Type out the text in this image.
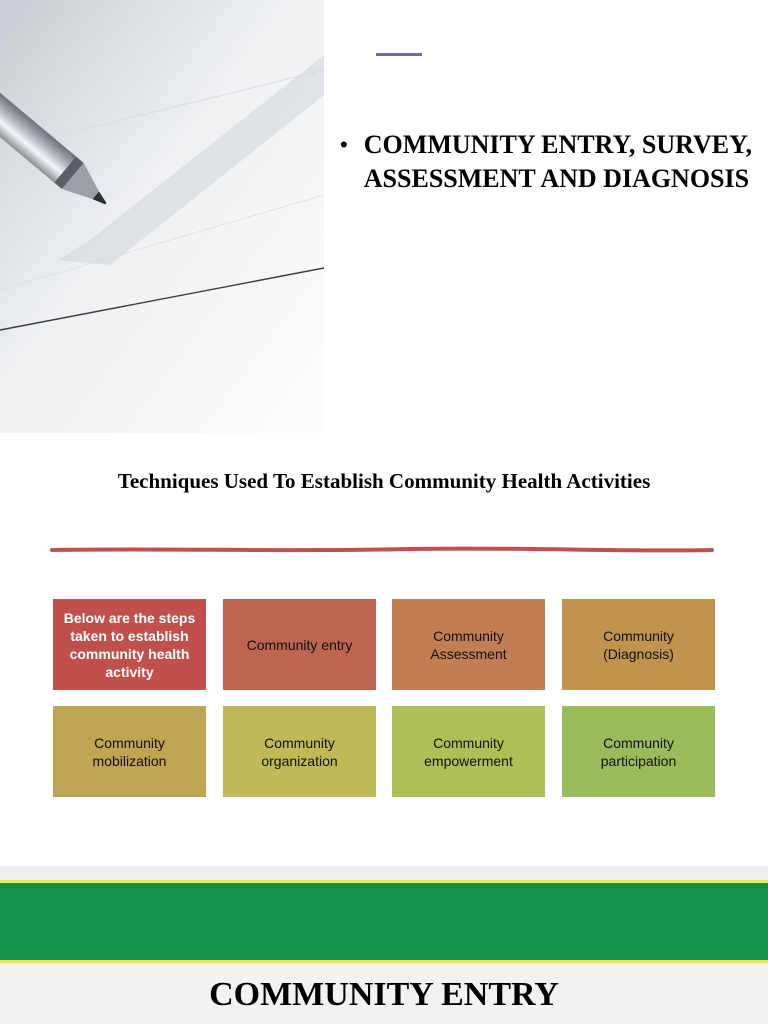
• COMMUNITY ENTRY, SURVEY, ASSESSMENT AND DIAGNOSIS

Techniques Used To Establish Community Health Activities
Below are the steps taken to establish community health activity
Community entry
Community Assessment
Community (Diagnosis)
Community mobilization
Community organization
Community empowerment
Community participation
COMMUNITY ENTRY
